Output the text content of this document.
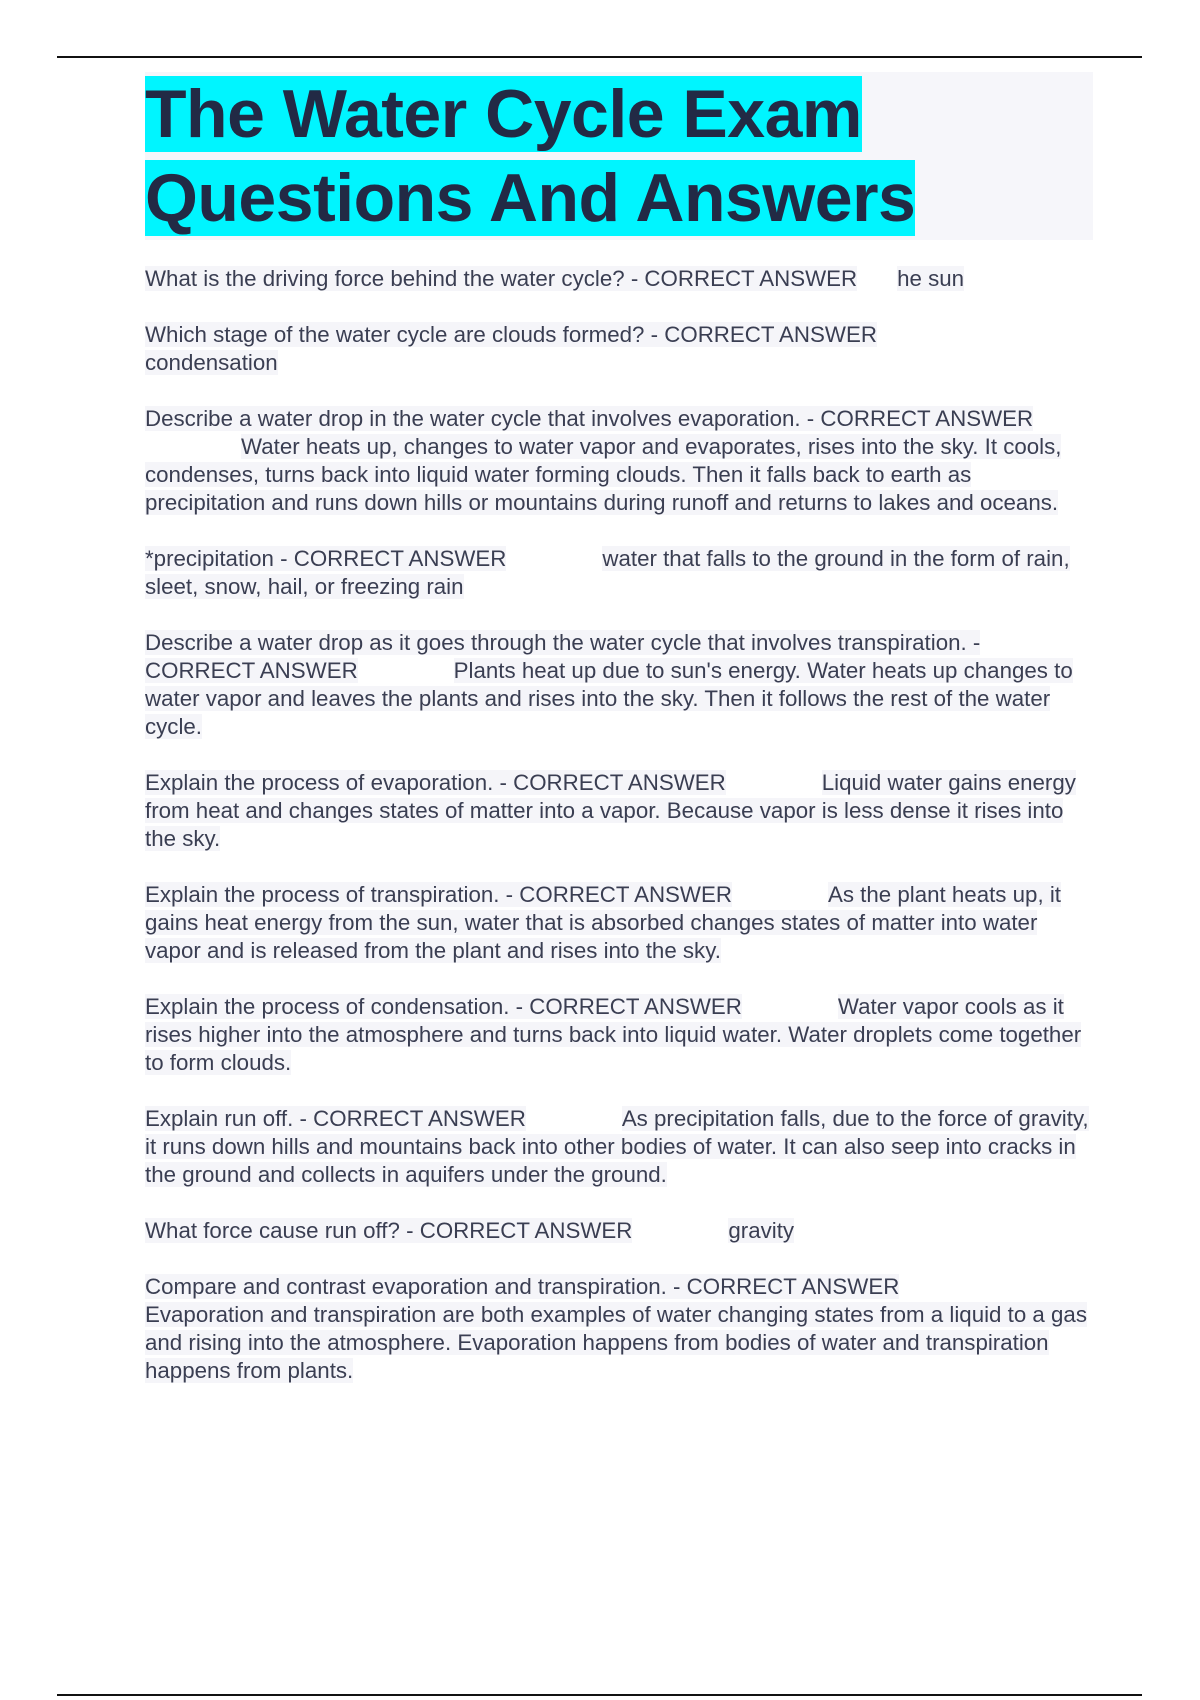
The Water Cycle Exam
Questions And Answers

What is the driving force behind the water cycle? - CORRECT ANSWER he sun

Which stage of the water cycle are clouds formed? - CORRECT ANSWER
condensation

Describe a water drop in the water cycle that involves evaporation. - CORRECT ANSWERWater heats up, changes to water vapor and evaporates, rises into the sky. It cools, condenses, turns back into liquid water forming clouds. Then it falls back to earth as precipitation and runs down hills or mountains during runoff and returns to lakes and oceans.

*precipitation - CORRECT ANSWER	water that falls to the ground in the form of rain, sleet, snow, hail, or freezing rain

Describe a water drop as it goes through the water cycle that involves transpiration. - CORRECT ANSWER	Plants heat up due to sun's energy. Water heats up changes to water vapor and leaves the plants and rises into the sky. Then it follows the rest of the water cycle.

Explain the process of evaporation. - CORRECT ANSWER	Liquid water gains energy from heat and changes states of matter into a vapor. Because vapor is less dense it rises into the sky.

Explain the process of transpiration. - CORRECT ANSWER	As the plant heats up, it gains heat energy from the sun, water that is absorbed changes states of matter into water vapor and is released from the plant and rises into the sky.

Explain the process of condensation. - CORRECT ANSWER	Water vapor cools as it rises higher into the atmosphere and turns back into liquid water. Water droplets come together to form clouds.

Explain run off. - CORRECT ANSWER	As precipitation falls, due to the force of gravity, it runs down hills and mountains back into other bodies of water. It can also seep into cracks in the ground and collects in aquifers under the ground.

What force cause run off? - CORRECT ANSWER	gravity

Compare and contrast evaporation and transpiration. - CORRECT ANSWER
Evaporation and transpiration are both examples of water changing states from a liquid to a gas and rising into the atmosphere. Evaporation happens from bodies of water and transpiration happens from plants.
